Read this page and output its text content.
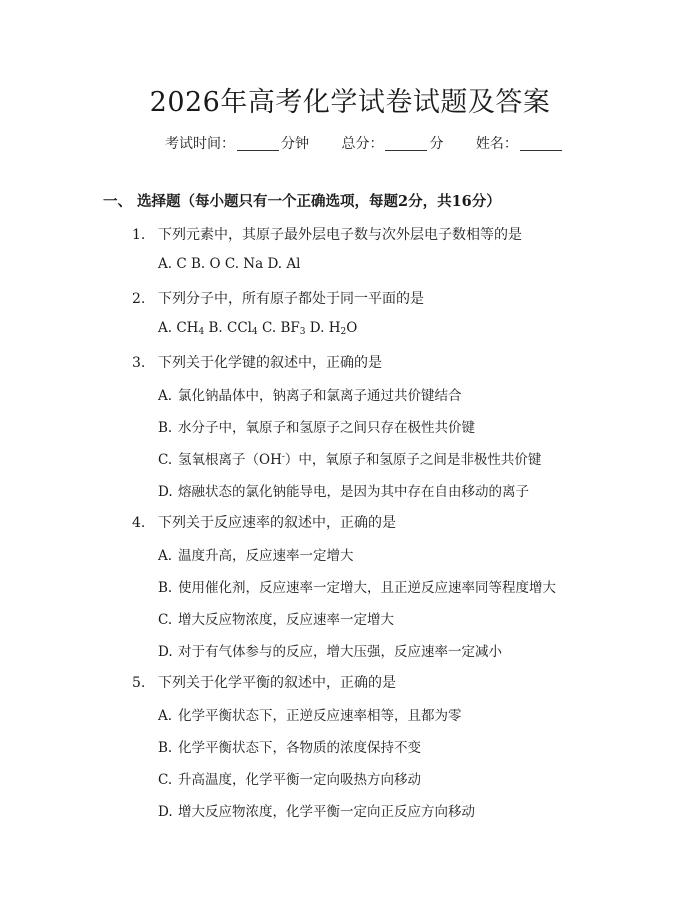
2026年高考化学试卷试题及答案
考试时间：	分钟 总分：	分 姓名：
一、 选择题（每小题只有一个正确选项，每题2分，共16分）
1. 下列元素中，其原子最外层电子数与次外层电子数相等的是
A. C B. O C. Na D. Al
2. 下列分子中，所有原子都处于同一平面的是
A. $CH_4$ B. CCl$_4$ C. $BF_3$ D. $H_2O$
3. 下列关于化学键的叙述中，正确的是
A. 氯化钠晶体中，钠离子和氯离子通过共价键结合
B. 水分子中，氧原子和氢原子之间只存在极性共价键
C. 氢氧根离子（OH-）中，氧原子和氢原子之间是非极性共价键
D. 熔融状态的氯化钠能导电，是因为其中存在自由移动的离子
4. 下列关于反应速率的叙述中，正确的是
A. 温度升高，反应速率一定增大
B. 使用催化剂，反应速率一定增大，且正逆反应速率同等程度增大
C. 增大反应物浓度，反应速率一定增大
D. 对于有气体参与的反应，增大压强，反应速率一定减小
5. 下列关于化学平衡的叙述中，正确的是
A. 化学平衡状态下，正逆反应速率相等，且都为零
B. 化学平衡状态下，各物质的浓度保持不变
C. 升高温度，化学平衡一定向吸热方向移动
D. 增大反应物浓度，化学平衡一定向正反应方向移动
